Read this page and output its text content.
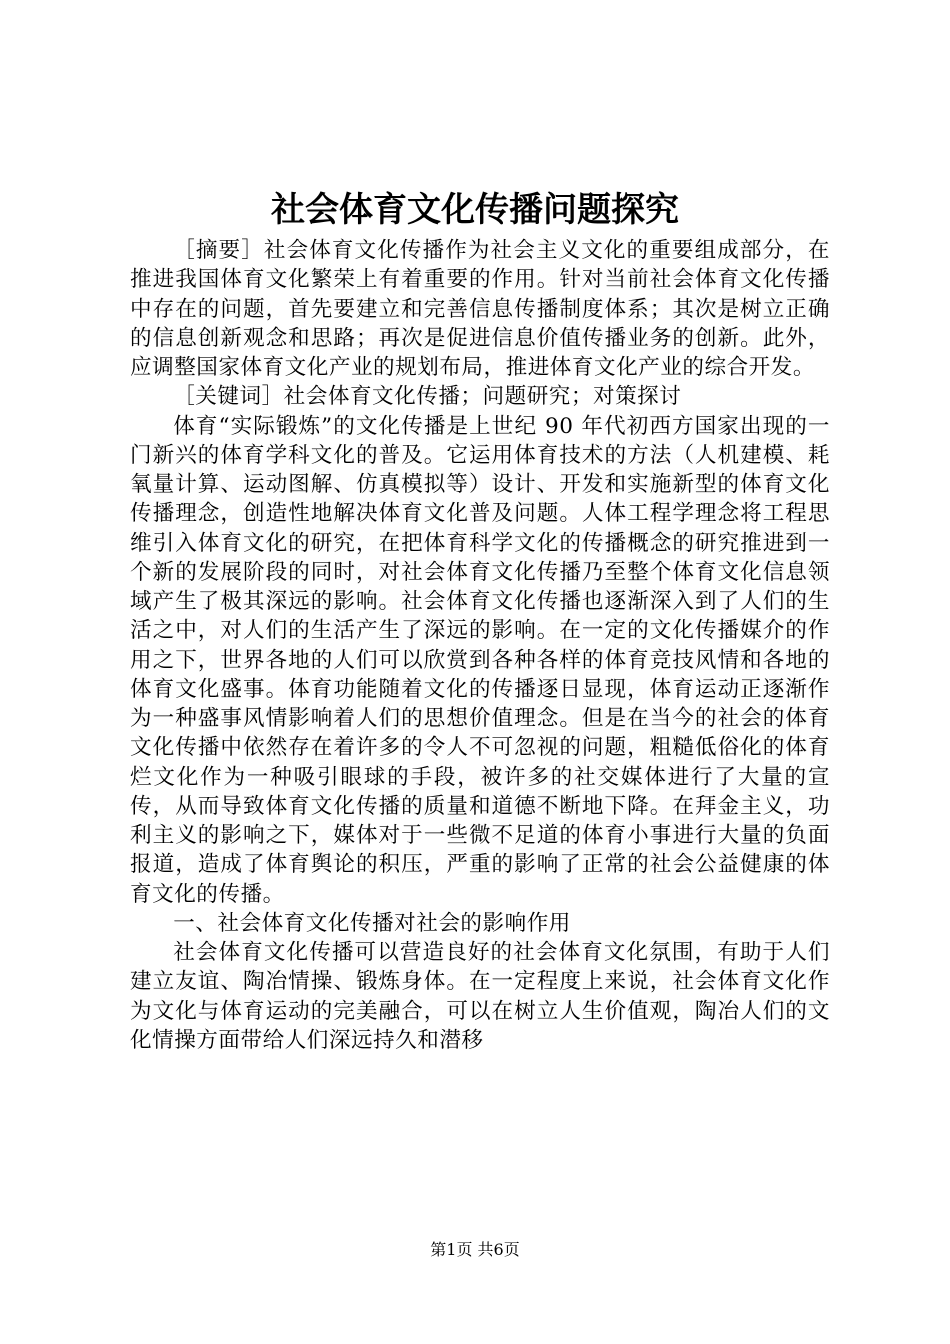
社会体育文化传播问题探究

［摘要］社会体育文化传播作为社会主义文化的重要组成部分，在推进我国体育文化繁荣上有着重要的作用。针对当前社会体育文化传播中存在的问题，首先要建立和完善信息传播制度体系；其次是树立正确的信息创新观念和思路；再次是促进信息价值传播业务的创新。此外，应调整国家体育文化产业的规划布局，推进体育文化产业的综合开发。

［关键词］社会体育文化传播；问题研究；对策探讨

体育“实际锻炼”的文化传播是上世纪 90 年代初西方国家出现的一门新兴的体育学科文化的普及。它运用体育技术的方法（人机建模、耗氧量计算、运动图解、仿真模拟等）设计、开发和实施新型的体育文化传播理念，创造性地解决体育文化普及问题。人体工程学理念将工程思维引入体育文化的研究，在把体育科学文化的传播概念的研究推进到一个新的发展阶段的同时，对社会体育文化传播乃至整个体育文化信息领域产生了极其深远的影响。社会体育文化传播也逐渐深入到了人们的生活之中，对人们的生活产生了深远的影响。在一定的文化传播媒介的作用之下，世界各地的人们可以欣赏到各种各样的体育竞技风情和各地的体育文化盛事。体育功能随着文化的传播逐日显现，体育运动正逐渐作为一种盛事风情影响着人们的思想价值理念。但是在当今的社会的体育文化传播中依然存在着许多的令人不可忽视的问题，粗糙低俗化的体育烂文化作为一种吸引眼球的手段，被许多的社交媒体进行了大量的宣传，从而导致体育文化传播的质量和道德不断地下降。在拜金主义，功利主义的影响之下，媒体对于一些微不足道的体育小事进行大量的负面报道，造成了体育舆论的积压，严重的影响了正常的社会公益健康的体育文化的传播。

一、社会体育文化传播对社会的影响作用

社会体育文化传播可以营造良好的社会体育文化氛围，有助于人们建立友谊、陶冶情操、锻炼身体。在一定程度上来说，社会体育文化作为文化与体育运动的完美融合，可以在树立人生价值观，陶冶人们的文化情操方面带给人们深远持久和潜移

第1页 共6页
